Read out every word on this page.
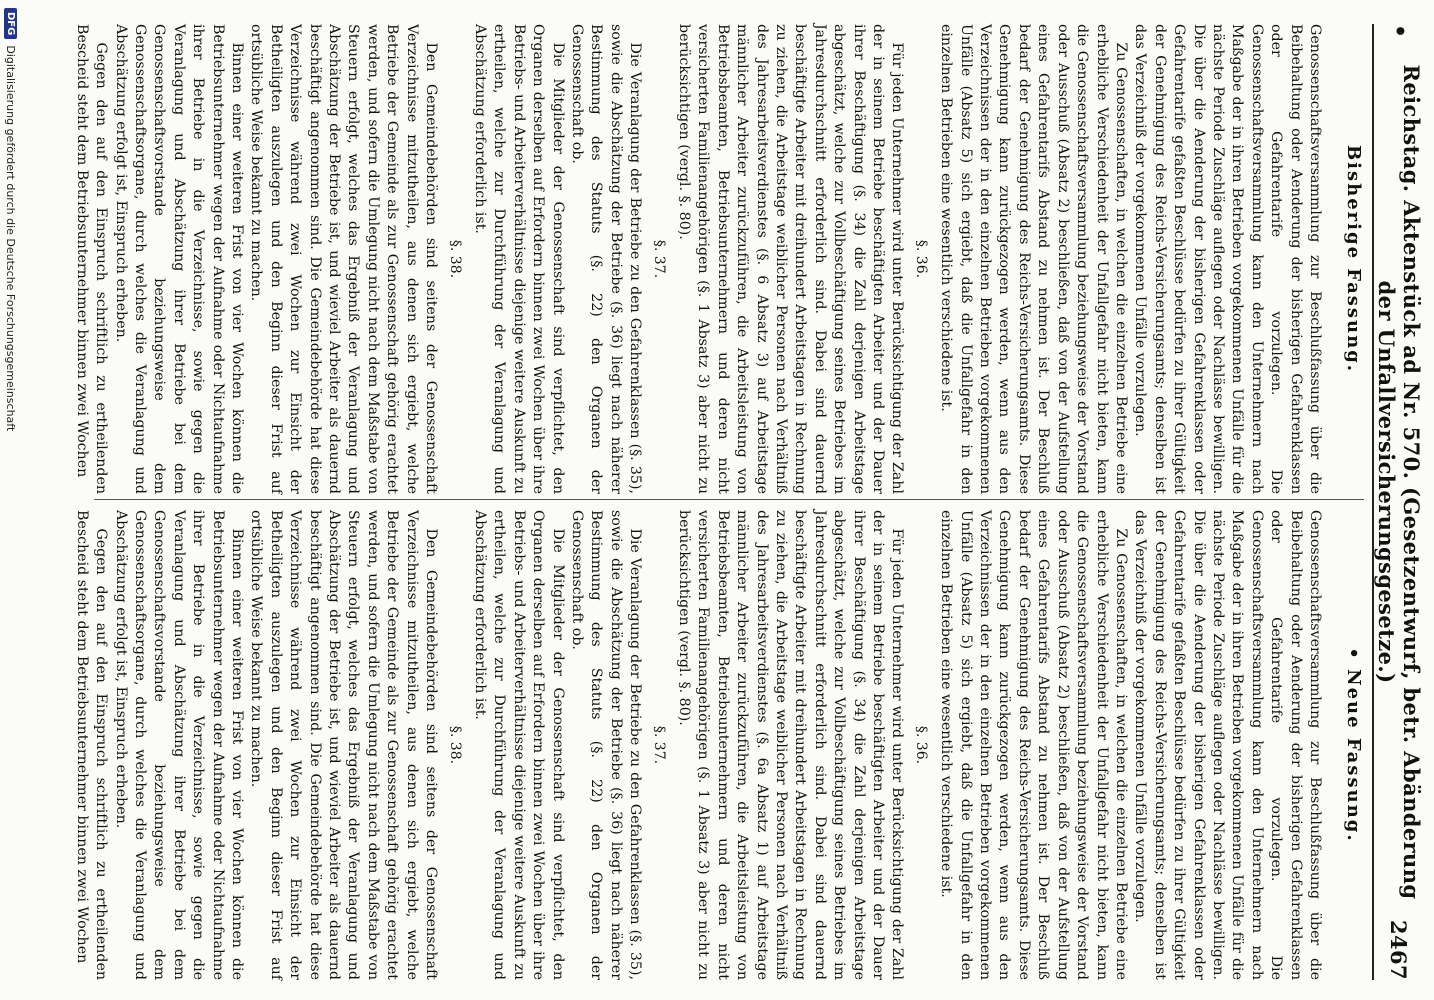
•
Reichstag. Aktenstück ad Nr. 570. (Gesetzentwurf, betr. Abänderung der Unfallversicherungsgesetze.)
2467
Bisherige Fassung.
• Neue Fassung.

Genossenschaftsversammlung zur Beschlußfassung über die Beibehaltung oder Aenderung der bisherigen Gefahrenklassen oder Gefahrentarife vorzulegen. Die Genossenschaftsversammlung kann den Unternehmern nach Maßgabe der in ihren Betrieben vorgekommenen Unfälle für die nächste Periode Zuschläge auflegen oder Nachlässe bewilligen. Die über die Aenderung der bisherigen Gefahrenklassen oder Gefahrentarife gefaßten Beschlüsse bedürfen zu ihrer Gültigkeit der Genehmigung des Reichs-Versicherungsamts; denselben ist das Verzeichniß der vorgekommenen Unfälle vorzulegen.

Zu Genossenschaften, in welchen die einzelnen Betriebe eine erhebliche Verschiedenheit der Unfallgefahr nicht bieten, kann die Genossenschaftsversammlung beziehungsweise der Vorstand oder Ausschuß (Absatz 2) beschließen, daß von der Aufstellung eines Gefahrentarifs Abstand zu nehmen ist. Der Beschluß bedarf der Genehmigung des Reichs-Versicherungsamts. Diese Genehmigung kann zurückgezogen werden, wenn aus den Verzeichnissen der in den einzelnen Betrieben vorgekommenen Unfälle (Absatz 5) sich ergiebt, daß die Unfallgefahr in den einzelnen Betrieben eine wesentlich verschiedene ist.

§. 36.

Für jeden Unternehmer wird unter Berücksichtigung der Zahl der in seinem Betriebe beschäftigten Arbeiter und der Dauer ihrer Beschäftigung (§. 34) die Zahl derjenigen Arbeitstage abgeschätzt, welche zur Vollbeschäftigung seines Betriebes im Jahresdurchschnitt erforderlich sind. Dabei sind dauernd beschäftigte Arbeiter mit dreihundert Arbeitstagen in Rechnung zu ziehen, die Arbeitstage weiblicher Personen nach Verhältniß des Jahresarbeitsverdienstes (§. 6 Absatz 3) auf Arbeitstage männlicher Arbeiter zurückzuführen, die Arbeitsleistung von Betriebsbeamten, Betriebsunternehmern und deren nicht versicherten Familienangehörigen (§. 1 Absatz 3) aber nicht zu berücksichtigen (vergl. §. 80).

§. 37.

Die Veranlagung der Betriebe zu den Gefahrenklassen (§. 35), sowie die Abschätzung der Betriebe (§. 36) liegt nach näherer Bestimmung des Statuts (§. 22) den Organen der Genossenschaft ob.

Die Mitglieder der Genossenschaft sind verpflichtet, den Organen derselben auf Erfordern binnen zwei Wochen über ihre Betriebs- und Arbeiterverhältnisse diejenige weitere Auskunft zu ertheilen, welche zur Durchführung der Veranlagung und Abschätzung erforderlich ist.

§. 38.

Den Gemeindebehörden sind seitens der Genossenschaft Verzeichnisse mitzutheilen, aus denen sich ergiebt, welche Betriebe der Gemeinde als zur Genossenschaft gehörig erachtet werden, und sofern die Umlegung nicht nach dem Maßstabe von Steuern erfolgt, welches das Ergebniß der Veranlagung und Abschätzung der Betriebe ist, und wieviel Arbeiter als dauernd beschäftigt angenommen sind. Die Gemeindebehörde hat diese Verzeichnisse während zwei Wochen zur Einsicht der Betheiligten auszulegen und den Beginn dieser Frist auf ortsübliche Weise bekannt zu machen.

Binnen einer weiteren Frist von vier Wochen können die Betriebsunternehmer wegen der Aufnahme oder Nichtaufnahme ihrer Betriebe in die Verzeichnisse, sowie gegen die Veranlagung und Abschätzung ihrer Betriebe bei dem Genossenschaftsvorstande beziehungsweise dem Genossenschaftsorgane, durch welches die Veranlagung und Abschätzung erfolgt ist, Einspruch erheben.

Gegen den auf den Einspruch schriftlich zu ertheilenden Bescheid steht dem Betriebsunternehmer binnen zwei Wochen

Genossenschaftsversammlung zur Beschlußfassung über die Beibehaltung oder Aenderung der bisherigen Gefahrenklassen oder Gefahrentarife vorzulegen. Die Genossenschaftsversammlung kann den Unternehmern nach Maßgabe der in ihren Betrieben vorgekommenen Unfälle für die nächste Periode Zuschläge auflegen oder Nachlässe bewilligen. Die über die Aenderung der bisherigen Gefahrenklassen oder Gefahrentarife gefaßten Beschlüsse bedürfen zu ihrer Gültigkeit der Genehmigung des Reichs-Versicherungsamts; denselben ist das Verzeichniß der vorgekommenen Unfälle vorzulegen.

Zu Genossenschaften, in welchen die einzelnen Betriebe eine erhebliche Verschiedenheit der Unfallgefahr nicht bieten, kann die Genossenschaftsversammlung beziehungsweise der Vorstand oder Ausschuß (Absatz 2) beschließen, daß von der Aufstellung eines Gefahrentarifs Abstand zu nehmen ist. Der Beschluß bedarf der Genehmigung des Reichs-Versicherungsamts. Diese Genehmigung kann zurückgezogen werden, wenn aus den Verzeichnissen der in den einzelnen Betrieben vorgekommenen Unfälle (Absatz 5) sich ergiebt, daß die Unfallgefahr in den einzelnen Betrieben eine wesentlich verschiedene ist.

§. 36.

Für jeden Unternehmer wird unter Berücksichtigung der Zahl der in seinem Betriebe beschäftigten Arbeiter und der Dauer ihrer Beschäftigung (§. 34) die Zahl derjenigen Arbeitstage abgeschätzt, welche zur Vollbeschäftigung seines Betriebes im Jahresdurchschnitt erforderlich sind. Dabei sind dauernd beschäftigte Arbeiter mit dreihundert Arbeitstagen in Rechnung zu ziehen, die Arbeitstage weiblicher Personen nach Verhältniß des Jahresarbeitsverdienstes (§. 6a Absatz 1) auf Arbeitstage männlicher Arbeiter zurückzuführen, die Arbeitsleistung von Betriebsbeamten, Betriebsunternehmern und deren nicht versicherten Familienangehörigen (§. 1 Absatz 3) aber nicht zu berücksichtigen (vergl. §. 80).

§. 37.

Die Veranlagung der Betriebe zu den Gefahrenklassen (§. 35), sowie die Abschätzung der Betriebe (§. 36) liegt nach näherer Bestimmung des Statuts (§. 22) den Organen der Genossenschaft ob.

Die Mitglieder der Genossenschaft sind verpflichtet, den Organen derselben auf Erfordern binnen zwei Wochen über ihre Betriebs- und Arbeiterverhältnisse diejenige weitere Auskunft zu ertheilen, welche zur Durchführung der Veranlagung und Abschätzung erforderlich ist.

§. 38.

Den Gemeindebehörden sind seitens der Genossenschaft Verzeichnisse mitzutheilen, aus denen sich ergiebt, welche Betriebe der Gemeinde als zur Genossenschaft gehörig erachtet werden, und sofern die Umlegung nicht nach dem Maßstabe von Steuern erfolgt, welches das Ergebniß der Veranlagung und Abschätzung der Betriebe ist, und wieviel Arbeiter als dauernd beschäftigt angenommen sind. Die Gemeindebehörde hat diese Verzeichnisse während zwei Wochen zur Einsicht der Betheiligten auszulegen und den Beginn dieser Frist auf ortsübliche Weise bekannt zu machen.

Binnen einer weiteren Frist von vier Wochen können die Betriebsunternehmer wegen der Aufnahme oder Nichtaufnahme ihrer Betriebe in die Verzeichnisse, sowie gegen die Veranlagung und Abschätzung ihrer Betriebe bei dem Genossenschaftsvorstande beziehungsweise dem Genossenschaftsorgane, durch welches die Veranlagung und Abschätzung erfolgt ist, Einspruch erheben.

Gegen den auf den Einspruch schriftlich zu ertheilenden Bescheid steht dem Betriebsunternehmer binnen zwei Wochen

DFG
Digitalisierung gefördert durch die Deutsche Forschungsgemeinschaft
